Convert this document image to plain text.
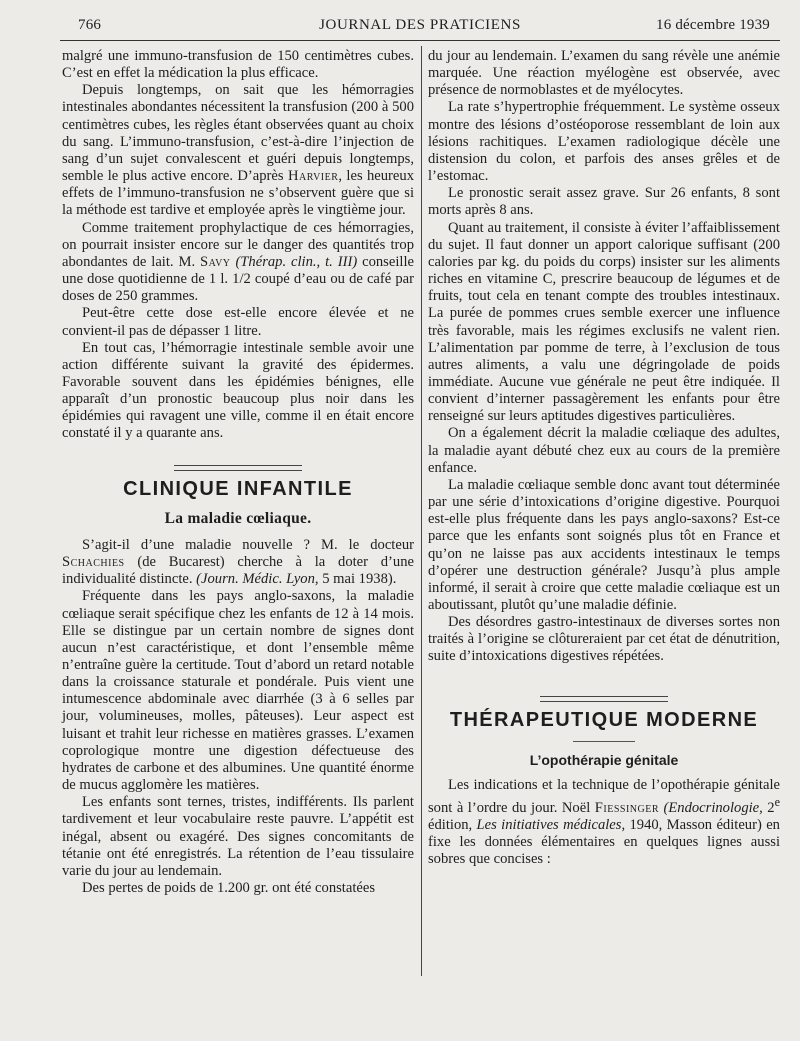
766	JOURNAL DES PRATICIENS	16 décembre 1939

malgré une immuno-transfusion de 150 centimètres cubes. C’est en effet la médication la plus efficace.

Depuis longtemps, on sait que les hémorragies intestinales abondantes nécessitent la transfusion (200 à 500 centimètres cubes, les règles étant observées quant au choix du sang. L’immuno-transfusion, c’est-à-dire l’injection de sang d’un sujet convalescent et guéri depuis longtemps, semble le plus active encore. D’après Harvier, les heureux effets de l’immuno-transfusion ne s’observent guère que si la méthode est tardive et employée après le vingtième jour.

Comme traitement prophylactique de ces hémorragies, on pourrait insister encore sur le danger des quantités trop abondantes de lait. M. Savy (Thérap. clin., t. III) conseille une dose quotidienne de 1 l. 1/2 coupé d’eau ou de café par doses de 250 grammes.

Peut-être cette dose est-elle encore élevée et ne convient-il pas de dépasser 1 litre.

En tout cas, l’hémorragie intestinale semble avoir une action différente suivant la gravité des épidermes. Favorable souvent dans les épidémies bénignes, elle apparaît d’un pronostic beaucoup plus noir dans les épidémies qui ravagent une ville, comme il en était encore constaté il y a quarante ans.

CLINIQUE INFANTILE
La maladie cœliaque.

S’agit-il d’une maladie nouvelle ? M. le docteur Schachies (de Bucarest) cherche à la doter d’une individualité distincte. (Journ. Médic. Lyon, 5 mai 1938).

Fréquente dans les pays anglo-saxons, la maladie cœliaque serait spécifique chez les enfants de 12 à 14 mois. Elle se distingue par un certain nombre de signes dont aucun n’est caractéristique, et dont l’ensemble même n’entraîne guère la certitude. Tout d’abord un retard notable dans la croissance staturale et pondérale. Puis vient une intumescence abdominale avec diarrhée (3 à 6 selles par jour, volumineuses, molles, pâteuses). Leur aspect est luisant et trahit leur richesse en matières grasses. L’examen coprologique montre une digestion défectueuse des hydrates de carbone et des albumines. Une quantité énorme de mucus agglomère les matières.

Les enfants sont ternes, tristes, indifférents. Ils parlent tardivement et leur vocabulaire reste pauvre. L’appétit est inégal, absent ou exagéré. Des signes concomitants de tétanie ont été enregistrés. La rétention de l’eau tissulaire varie du jour au lendemain.

Des pertes de poids de 1.200 gr. ont été constatées

du jour au lendemain. L’examen du sang révèle une anémie marquée. Une réaction myélogène est observée, avec présence de normoblastes et de myélocytes.

La rate s’hypertrophie fréquemment. Le système osseux montre des lésions d’ostéoporose ressemblant de loin aux lésions rachitiques. L’examen radiologique décèle une distension du colon, et parfois des anses grêles et de l’estomac.

Le pronostic serait assez grave. Sur 26 enfants, 8 sont morts après 8 ans.

Quant au traitement, il consiste à éviter l’affaiblissement du sujet. Il faut donner un apport calorique suffisant (200 calories par kg. du poids du corps) insister sur les aliments riches en vitamine C, prescrire beaucoup de légumes et de fruits, tout cela en tenant compte des troubles intestinaux. La purée de pommes crues semble exercer une influence très favorable, mais les régimes exclusifs ne valent rien. L’alimentation par pomme de terre, à l’exclusion de tous autres aliments, a valu une dégringolade de poids immédiate. Aucune vue générale ne peut être indiquée. Il convient d’interner passagèrement les enfants pour être renseigné sur leurs aptitudes digestives particulières.

On a également décrit la maladie cœliaque des adultes, la maladie ayant débuté chez eux au cours de la première enfance.

La maladie cœliaque semble donc avant tout déterminée par une série d’intoxications d’origine digestive. Pourquoi est-elle plus fréquente dans les pays anglo-saxons? Est-ce parce que les enfants sont soignés plus tôt en France et qu’on ne laisse pas aux accidents intestinaux le temps d’opérer une destruction générale? Jusqu’à plus ample informé, il serait à croire que cette maladie cœliaque est un aboutissant, plutôt qu’une maladie définie.

Des désordres gastro-intestinaux de diverses sortes non traités à l’origine se clôtureraient par cet état de dénutrition, suite d’intoxications digestives répétées.

THÉRAPEUTIQUE MODERNE
L’opothérapie génitale

Les indications et la technique de l’opothérapie génitale sont à l’ordre du jour. Noël Fiessinger (Endocrinologie, 2e édition, Les initiatives médicales, 1940, Masson éditeur) en fixe les données élémentaires en quelques lignes aussi sobres que concises :
